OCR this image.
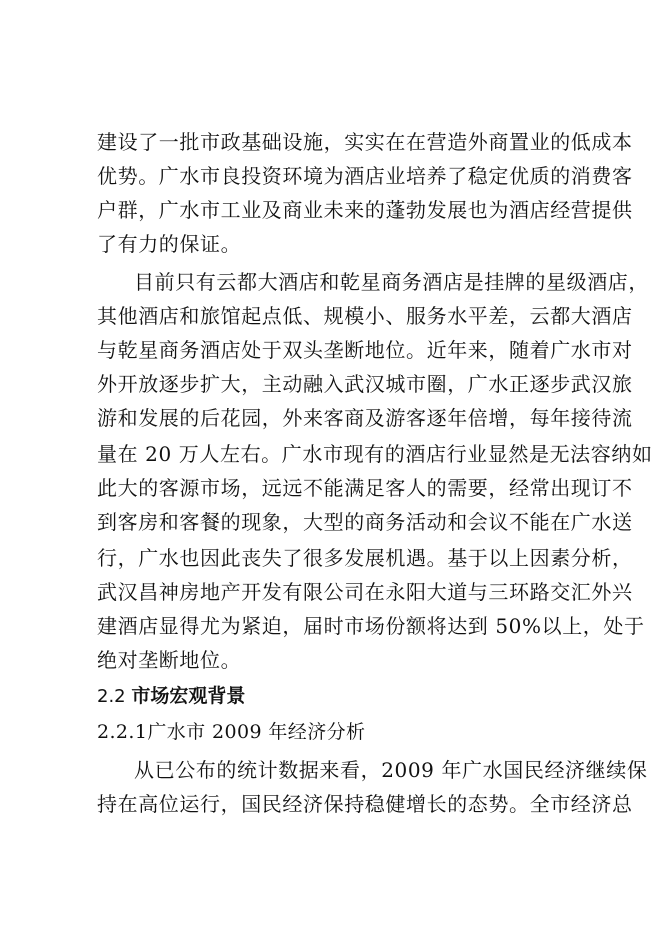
建设了一批市政基础设施，实实在在营造外商置业的低成本
优势。广水市良投资环境为酒店业培养了稳定优质的消费客
户群，广水市工业及商业未来的蓬勃发展也为酒店经营提供
了有力的保证。
目前只有云都大酒店和乾星商务酒店是挂牌的星级酒店，
其他酒店和旅馆起点低、规模小、服务水平差，云都大酒店
与乾星商务酒店处于双头垄断地位。近年来，随着广水市对
外开放逐步扩大，主动融入武汉城市圈，广水正逐步武汉旅
游和发展的后花园，外来客商及游客逐年倍增，每年接待流
量在 20 万人左右。广水市现有的酒店行业显然是无法容纳如
此大的客源市场，远远不能满足客人的需要，经常出现订不
到客房和客餐的现象，大型的商务活动和会议不能在广水送
行，广水也因此丧失了很多发展机遇。基于以上因素分析，
武汉昌神房地产开发有限公司在永阳大道与三环路交汇外兴
建酒店显得尤为紧迫，届时市场份额将达到 50%以上，处于
绝对垄断地位。
2.2 市场宏观背景
2.2.1广水市 2009 年经济分析
从已公布的统计数据来看，2009 年广水国民经济继续保
持在高位运行，国民经济保持稳健增长的态势。全市经济总
